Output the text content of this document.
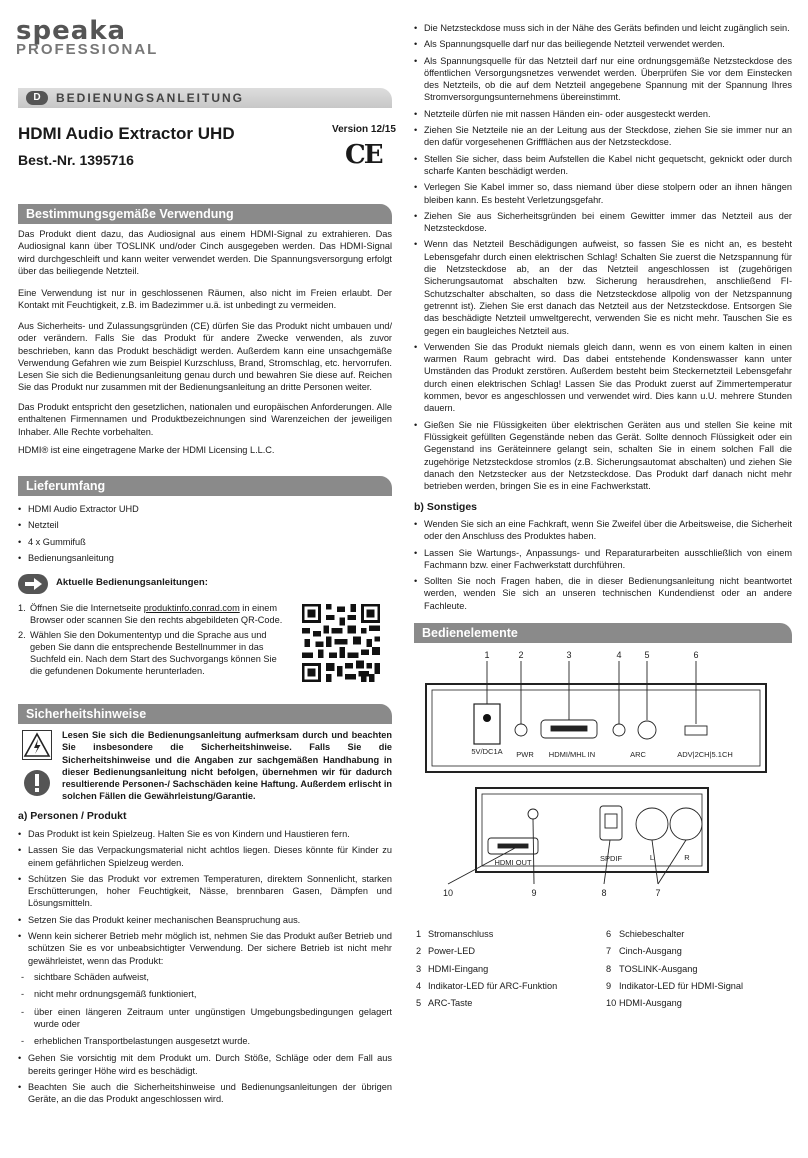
speaka
PROFESSIONAL
D	BEDIENUNGSANLEITUNG
HDMI Audio Extractor UHD
Best.-Nr. 1395716
Version 12/15
CE
Bestimmungsgemäße Verwendung

Das Produkt dient dazu, das Audiosignal aus einem HDMI-Signal zu extrahieren. Das Audiosignal kann über TOSLINK und/oder Cinch ausgegeben werden. Das HDMI-Signal wird durchgeschleift und kann weiter verwendet werden. Die Spannungsversorgung erfolgt über das beiliegende Netzteil.

Eine Verwendung ist nur in geschlossenen Räumen, also nicht im Freien erlaubt. Der Kontakt mit Feuchtigkeit, z.B. im Badezimmer u.ä. ist unbedingt zu vermeiden.

Aus Sicherheits- und Zulassungsgründen (CE) dürfen Sie das Produkt nicht umbauen und/ oder verändern. Falls Sie das Produkt für andere Zwecke verwenden, als zuvor beschrieben, kann das Produkt beschädigt werden. Außerdem kann eine unsachgemäße Verwendung Gefahren wie zum Beispiel Kurzschluss, Brand, Stromschlag, etc. hervorrufen. Lesen Sie sich die Bedienungsanleitung genau durch und bewahren Sie diese auf. Reichen Sie das Produkt nur zusammen mit der Bedienungsanleitung an dritte Personen weiter.

Das Produkt entspricht den gesetzlichen, nationalen und europäischen Anforderungen. Alle enthaltenen Firmennamen und Produktbezeichnungen sind Warenzeichen der jeweiligen Inhaber. Alle Rechte vorbehalten.

HDMI® ist eine eingetragene Marke der HDMI Licensing L.L.C.

Lieferumfang
• HDMI Audio Extractor UHD
• Netzteil
• 4 x Gummifuß
• Bedienungsanleitung
Aktuelle Bedienungsanleitungen:
1. Öffnen Sie die Internetseite produktinfo.conrad.com in einem Browser oder scannen Sie den rechts abgebildeten QR-Code.
2. Wählen Sie den Dokumententyp und die Sprache aus und geben Sie dann die entsprechende Bestellnummer in das Suchfeld ein. Nach dem Start des Suchvorgangs können Sie die gefundenen Dokumente herunterladen.
Sicherheitshinweise

Lesen Sie sich die Bedienungsanleitung aufmerksam durch und beachten Sie insbesondere die Sicherheitshinweise. Falls Sie die Sicherheitshinweise und die Angaben zur sachgemäßen Handhabung in dieser Bedienungsanleitung nicht befolgen, übernehmen wir für dadurch resultierende Personen-/ Sachschäden keine Haftung. Außerdem erlischt in solchen Fällen die Gewährleistung/Garantie.

a) Personen / Produkt
• Das Produkt ist kein Spielzeug. Halten Sie es von Kindern und Haustieren fern.
• Lassen Sie das Verpackungsmaterial nicht achtlos liegen. Dieses könnte für Kinder zu einem gefährlichen Spielzeug werden.
• Schützen Sie das Produkt vor extremen Temperaturen, direktem Sonnenlicht, starken Erschütterungen, hoher Feuchtigkeit, Nässe, brennbaren Gasen, Dämpfen und Lösungsmitteln.
• Setzen Sie das Produkt keiner mechanischen Beanspruchung aus.
• Wenn kein sicherer Betrieb mehr möglich ist, nehmen Sie das Produkt außer Betrieb und schützen Sie es vor unbeabsichtigter Verwendung. Der sichere Betrieb ist nicht mehr gewährleistet, wenn das Produkt:
- sichtbare Schäden aufweist,
- nicht mehr ordnungsgemäß funktioniert,
- über einen längeren Zeitraum unter ungünstigen Umgebungsbedingungen gelagert wurde oder
- erheblichen Transportbelastungen ausgesetzt wurde.
• Gehen Sie vorsichtig mit dem Produkt um. Durch Stöße, Schläge oder dem Fall aus bereits geringer Höhe wird es beschädigt.
• Beachten Sie auch die Sicherheitshinweise und Bedienungsanleitungen der übrigen Geräte, an die das Produkt angeschlossen wird.
• Die Netzsteckdose muss sich in der Nähe des Geräts befinden und leicht zugänglich sein.
• Als Spannungsquelle darf nur das beiliegende Netzteil verwendet werden.
• Als Spannungsquelle für das Netzteil darf nur eine ordnungsgemäße Netzsteckdose des öffentlichen Versorgungsnetzes verwendet werden. Überprüfen Sie vor dem Einstecken des Netzteils, ob die auf dem Netzteil angegebene Spannung mit der Spannung Ihres Stromversorgungsunternehmens übereinstimmt.
• Netzteile dürfen nie mit nassen Händen ein- oder ausgesteckt werden.
• Ziehen Sie Netzteile nie an der Leitung aus der Steckdose, ziehen Sie sie immer nur an den dafür vorgesehenen Griffflächen aus der Netzsteckdose.
• Stellen Sie sicher, dass beim Aufstellen die Kabel nicht gequetscht, geknickt oder durch scharfe Kanten beschädigt werden.
• Verlegen Sie Kabel immer so, dass niemand über diese stolpern oder an ihnen hängen bleiben kann. Es besteht Verletzungsgefahr.
• Ziehen Sie aus Sicherheitsgründen bei einem Gewitter immer das Netzteil aus der Netzsteckdose.
• Wenn das Netzteil Beschädigungen aufweist, so fassen Sie es nicht an, es besteht Lebensgefahr durch einen elektrischen Schlag! Schalten Sie zuerst die Netzspannung für die Netzsteckdose ab, an der das Netzteil angeschlossen ist (zugehörigen Sicherungsautomat abschalten bzw. Sicherung herausdrehen, anschließend FI-Schutzschalter abschalten, so dass die Netzsteckdose allpolig von der Netzspannung getrennt ist). Ziehen Sie erst danach das Netzteil aus der Netzsteckdose. Entsorgen Sie das beschädigte Netzteil umweltgerecht, verwenden Sie es nicht mehr. Tauschen Sie es gegen ein baugleiches Netzteil aus.
• Verwenden Sie das Produkt niemals gleich dann, wenn es von einem kalten in einen warmen Raum gebracht wird. Das dabei entstehende Kondenswasser kann unter Umständen das Produkt zerstören. Außerdem besteht beim Steckernetzteil Lebensgefahr durch einen elektrischen Schlag! Lassen Sie das Produkt zuerst auf Zimmertemperatur kommen, bevor es angeschlossen und verwendet wird. Dies kann u.U. mehrere Stunden dauern.
• Gießen Sie nie Flüssigkeiten über elektrischen Geräten aus und stellen Sie keine mit Flüssigkeit gefüllten Gegenstände neben das Gerät. Sollte dennoch Flüssigkeit oder ein Gegenstand ins Geräteinnere gelangt sein, schalten Sie in einem solchen Fall die zugehörige Netzsteckdose stromlos (z.B. Sicherungsautomat abschalten) und ziehen Sie danach den Netzstecker aus der Netzsteckdose. Das Produkt darf danach nicht mehr betrieben werden, bringen Sie es in eine Fachwerkstatt.
b) Sonstiges
• Wenden Sie sich an eine Fachkraft, wenn Sie Zweifel über die Arbeitsweise, die Sicherheit oder den Anschluss des Produktes haben.
• Lassen Sie Wartungs-, Anpassungs- und Reparaturarbeiten ausschließlich von einem Fachmann bzw. einer Fachwerkstatt durchführen.
• Sollten Sie noch Fragen haben, die in dieser Bedienungsanleitung nicht beantwortet werden, wenden Sie sich an unseren technischen Kundendienst oder an andere Fachleute.
Bedienelemente
1	2	3	4	5	6
5V/DC1A PWR HDMI/MHL IN	ARC	ADV|2CH|5.1CH
HDMI OUT	SPDIF	L	R
10	9	8	7
1 Stromanschluss
2 Power-LED
3 HDMI-Eingang
4 Indikator-LED für ARC-Funktion
5 ARC-Taste
6 Schiebeschalter
7 Cinch-Ausgang
8 TOSLINK-Ausgang
9 Indikator-LED für HDMI-Signal
10 HDMI-Ausgang
